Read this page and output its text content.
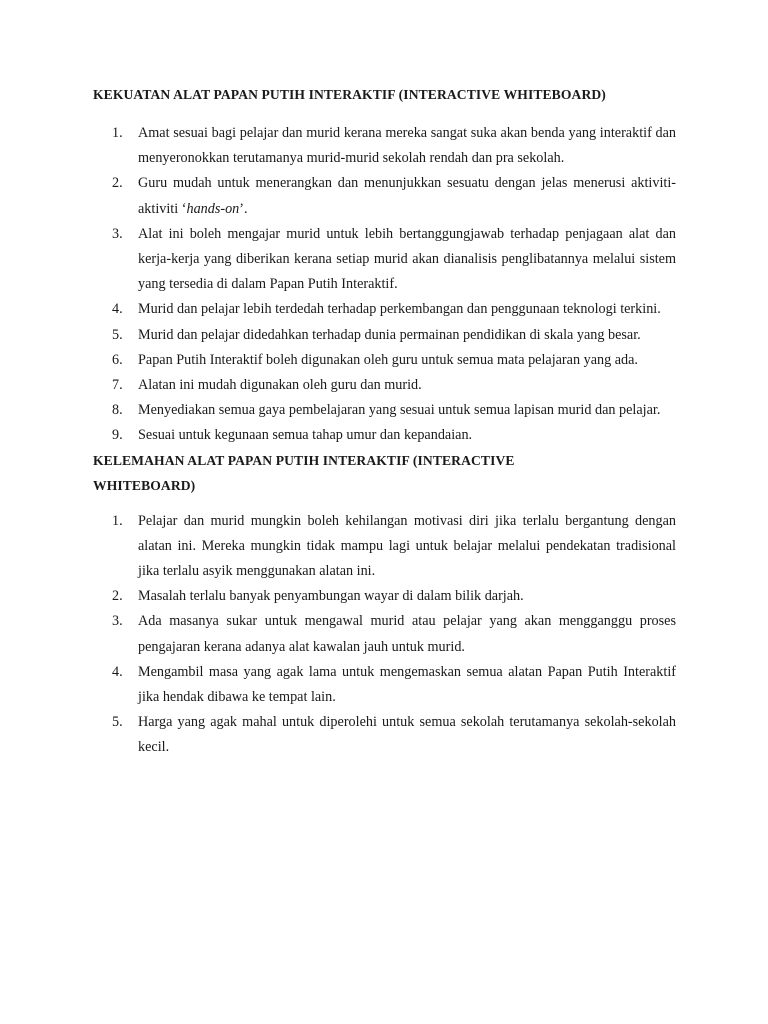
KEKUATAN ALAT PAPAN PUTIH INTERAKTIF (INTERACTIVE WHITEBOARD)
1. Amat sesuai bagi pelajar dan murid kerana mereka sangat suka akan benda yang interaktif dan menyeronokkan terutamanya murid-murid sekolah rendah dan pra sekolah.
2. Guru mudah untuk menerangkan dan menunjukkan sesuatu dengan jelas menerusi aktiviti-aktiviti ‘hands-on’.
3. Alat ini boleh mengajar murid untuk lebih bertanggungjawab terhadap penjagaan alat dan kerja-kerja yang diberikan kerana setiap murid akan dianalisis penglibatannya melalui sistem yang tersedia di dalam Papan Putih Interaktif.
4. Murid dan pelajar lebih terdedah terhadap perkembangan dan penggunaan teknologi terkini.
5. Murid dan pelajar didedahkan terhadap dunia permainan pendidikan di skala yang besar.
6. Papan Putih Interaktif boleh digunakan oleh guru untuk semua mata pelajaran yang ada.
7. Alatan ini mudah digunakan oleh guru dan murid.
8. Menyediakan semua gaya pembelajaran yang sesuai untuk semua lapisan murid dan pelajar.
9. Sesuai untuk kegunaan semua tahap umur dan kepandaian.
KELEMAHAN ALAT PAPAN PUTIH INTERAKTIF (INTERACTIVE
WHITEBOARD)
1. Pelajar dan murid mungkin boleh kehilangan motivasi diri jika terlalu bergantung dengan alatan ini. Mereka mungkin tidak mampu lagi untuk belajar melalui pendekatan tradisional jika terlalu asyik menggunakan alatan ini.
2. Masalah terlalu banyak penyambungan wayar di dalam bilik darjah.
3. Ada masanya sukar untuk mengawal murid atau pelajar yang akan mengganggu proses pengajaran kerana adanya alat kawalan jauh untuk murid.
4. Mengambil masa yang agak lama untuk mengemaskan semua alatan Papan Putih Interaktif jika hendak dibawa ke tempat lain.
5. Harga yang agak mahal untuk diperolehi untuk semua sekolah terutamanya sekolah-sekolah kecil.
